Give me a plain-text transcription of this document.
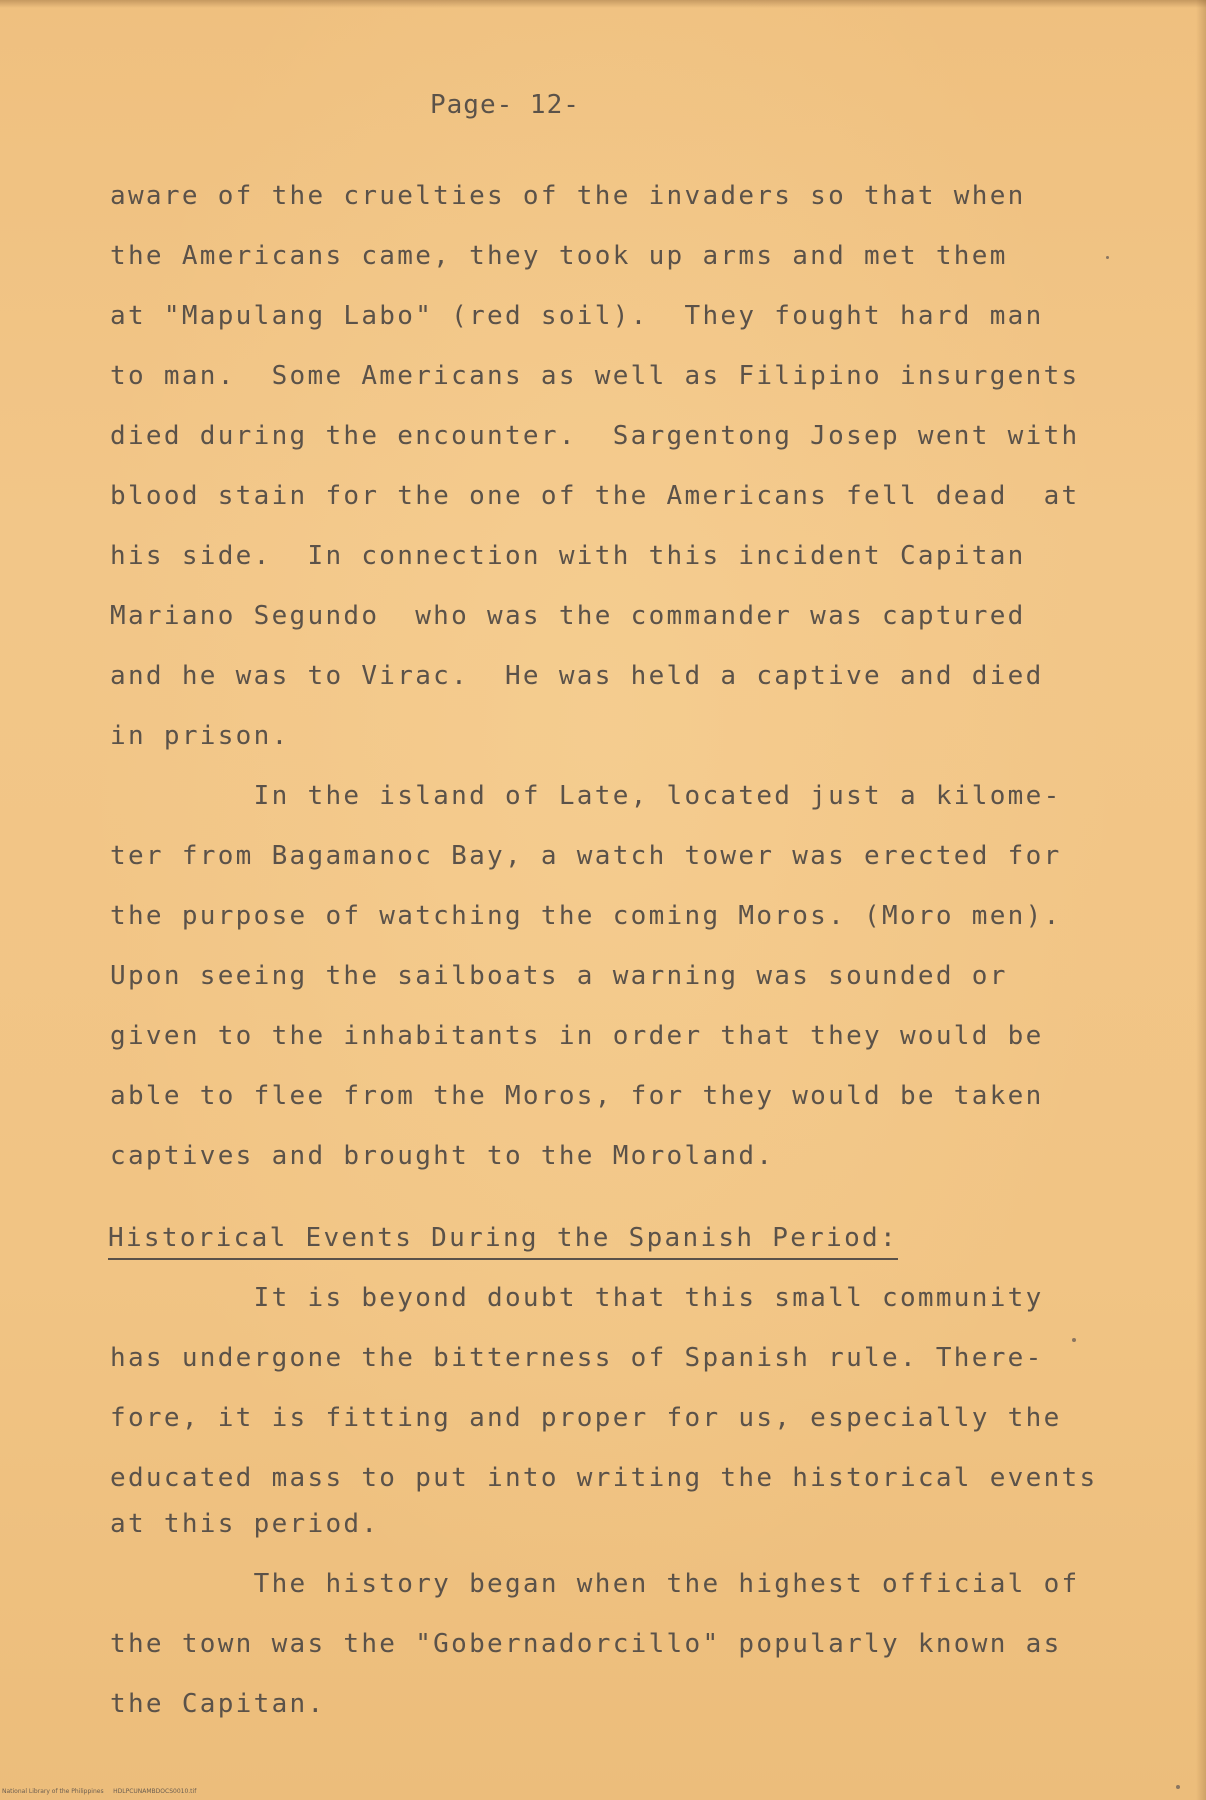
Page- 12-
aware of the cruelties of the invaders so that when
the Americans came, they took up arms and met them
at "Mapulang Labo" (red soil).  They fought hard man
to man.  Some Americans as well as Filipino insurgents
died during the encounter.  Sargentong Josep went with
blood stain for the one of the Americans fell dead  at
his side.  In connection with this incident Capitan
Mariano Segundo  who was the commander was captured
and he was to Virac.  He was held a captive and died
in prison.
In the island of Late, located just a kilome-
ter from Bagamanoc Bay, a watch tower was erected for
the purpose of watching the coming Moros. (Moro men).
Upon seeing the sailboats a warning was sounded or
given to the inhabitants in order that they would be
able to flee from the Moros, for they would be taken
captives and brought to the Moroland.
Historical Events During the Spanish Period:
It is beyond doubt that this small community
has undergone the bitterness of Spanish rule. There-
fore, it is fitting and proper for us, especially the
educated mass to put into writing the historical events
at this period.
The history began when the highest official of
the town was the "Gobernadorcillo" popularly known as
the Capitan.
National Library of the Philippines     HDLPCUNAMBDOCS0010.tif
